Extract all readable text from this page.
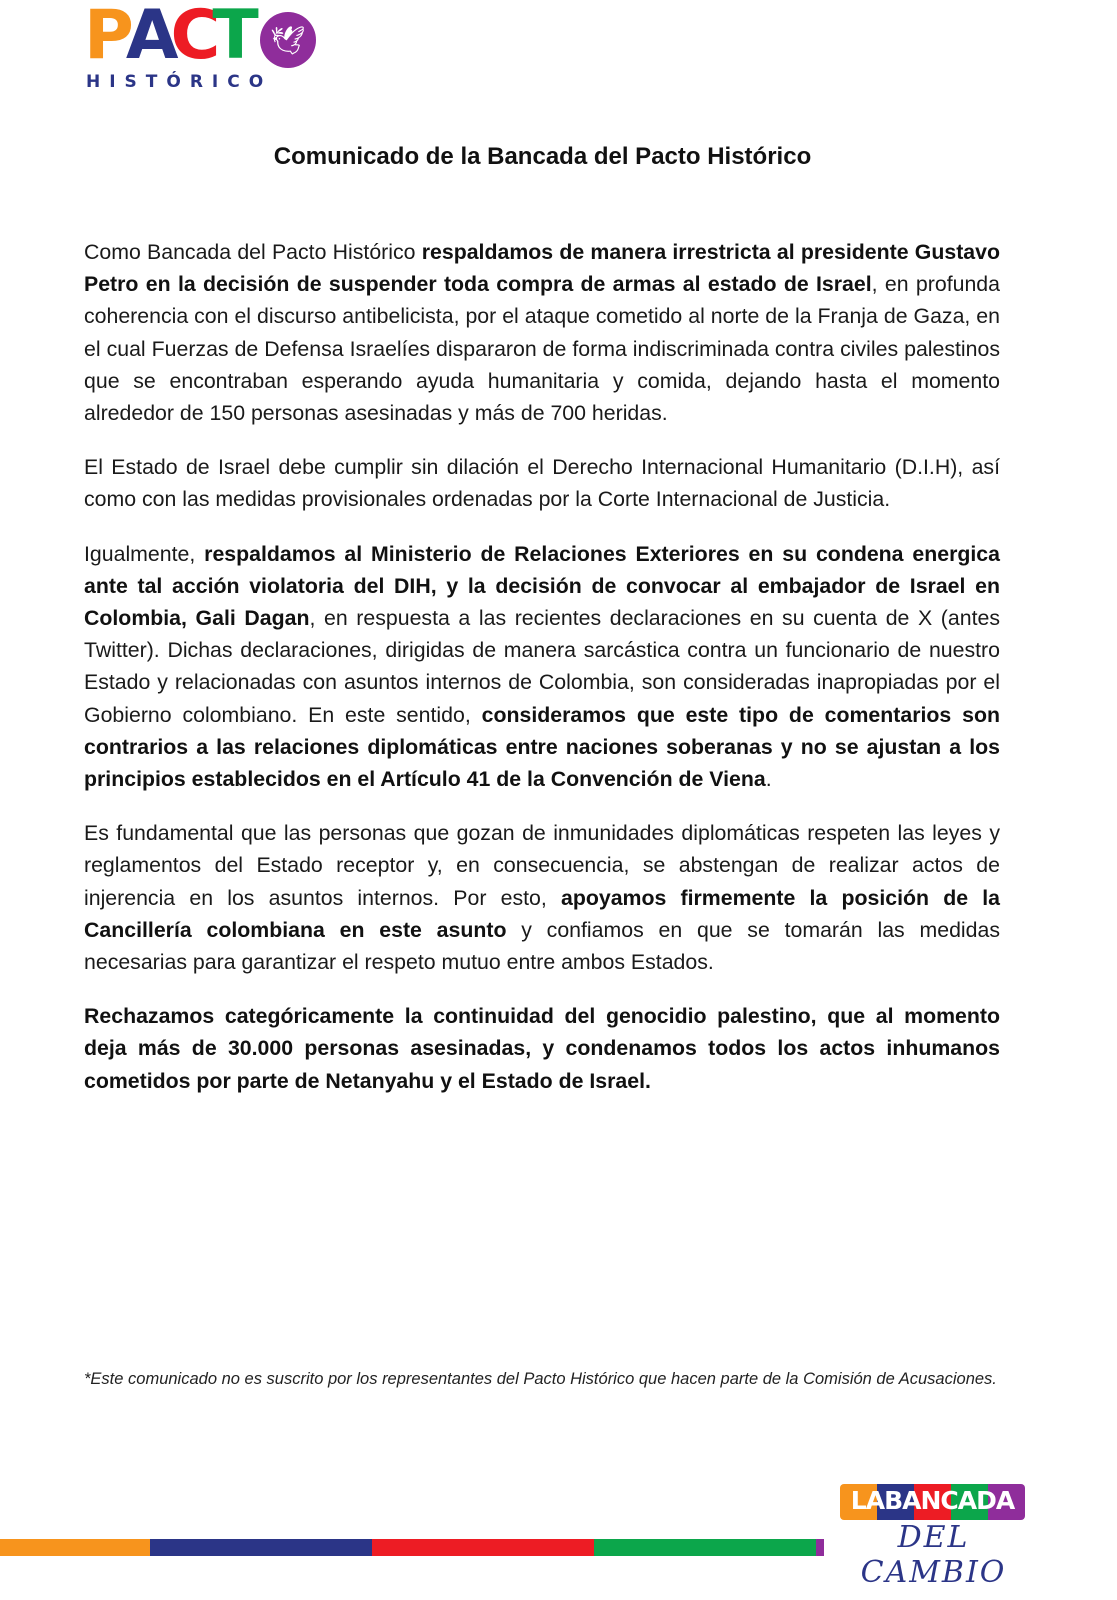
P A C T 🕊
HISTÓRICO
Comunicado de la Bancada del Pacto Histórico

Como Bancada del Pacto Histórico respaldamos de manera irrestricta al presidente Gustavo Petro en la decisión de suspender toda compra de armas al estado de Israel, en profunda coherencia con el discurso antibelicista, por el ataque cometido al norte de la Franja de Gaza, en el cual Fuerzas de Defensa Israelíes dispararon de forma indiscriminada contra civiles palestinos que se encontraban esperando ayuda humanitaria y comida, dejando hasta el momento alrededor de 150 personas asesinadas y más de 700 heridas.

El Estado de Israel debe cumplir sin dilación el Derecho Internacional Humanitario (D.I.H), así como con las medidas provisionales ordenadas por la Corte Internacional de Justicia.

Igualmente, respaldamos al Ministerio de Relaciones Exteriores en su condena energica ante tal acción violatoria del DIH, y la decisión de convocar al embajador de Israel en Colombia, Gali Dagan, en respuesta a las recientes declaraciones en su cuenta de X (antes Twitter). Dichas declaraciones, dirigidas de manera sarcástica contra un funcionario de nuestro Estado y relacionadas con asuntos internos de Colombia, son consideradas inapropiadas por el Gobierno colombiano. En este sentido, consideramos que este tipo de comentarios son contrarios a las relaciones diplomáticas entre naciones soberanas y no se ajustan a los principios establecidos en el Artículo 41 de la Convención de Viena.

Es fundamental que las personas que gozan de inmunidades diplomáticas respeten las leyes y reglamentos del Estado receptor y, en consecuencia, se abstengan de realizar actos de injerencia en los asuntos internos. Por esto, apoyamos firmemente la posición de la Cancillería colombiana en este asunto y confiamos en que se tomarán las medidas necesarias para garantizar el respeto mutuo entre ambos Estados.

Rechazamos categóricamente la continuidad del genocidio palestino, que al momento deja más de 30.000 personas asesinadas, y condenamos todos los actos inhumanos cometidos por parte de Netanyahu y el Estado de Israel.

*Este comunicado no es suscrito por los representantes del Pacto Histórico que hacen parte de la Comisión de Acusaciones.
LABANCADA
DEL CAMBIO
